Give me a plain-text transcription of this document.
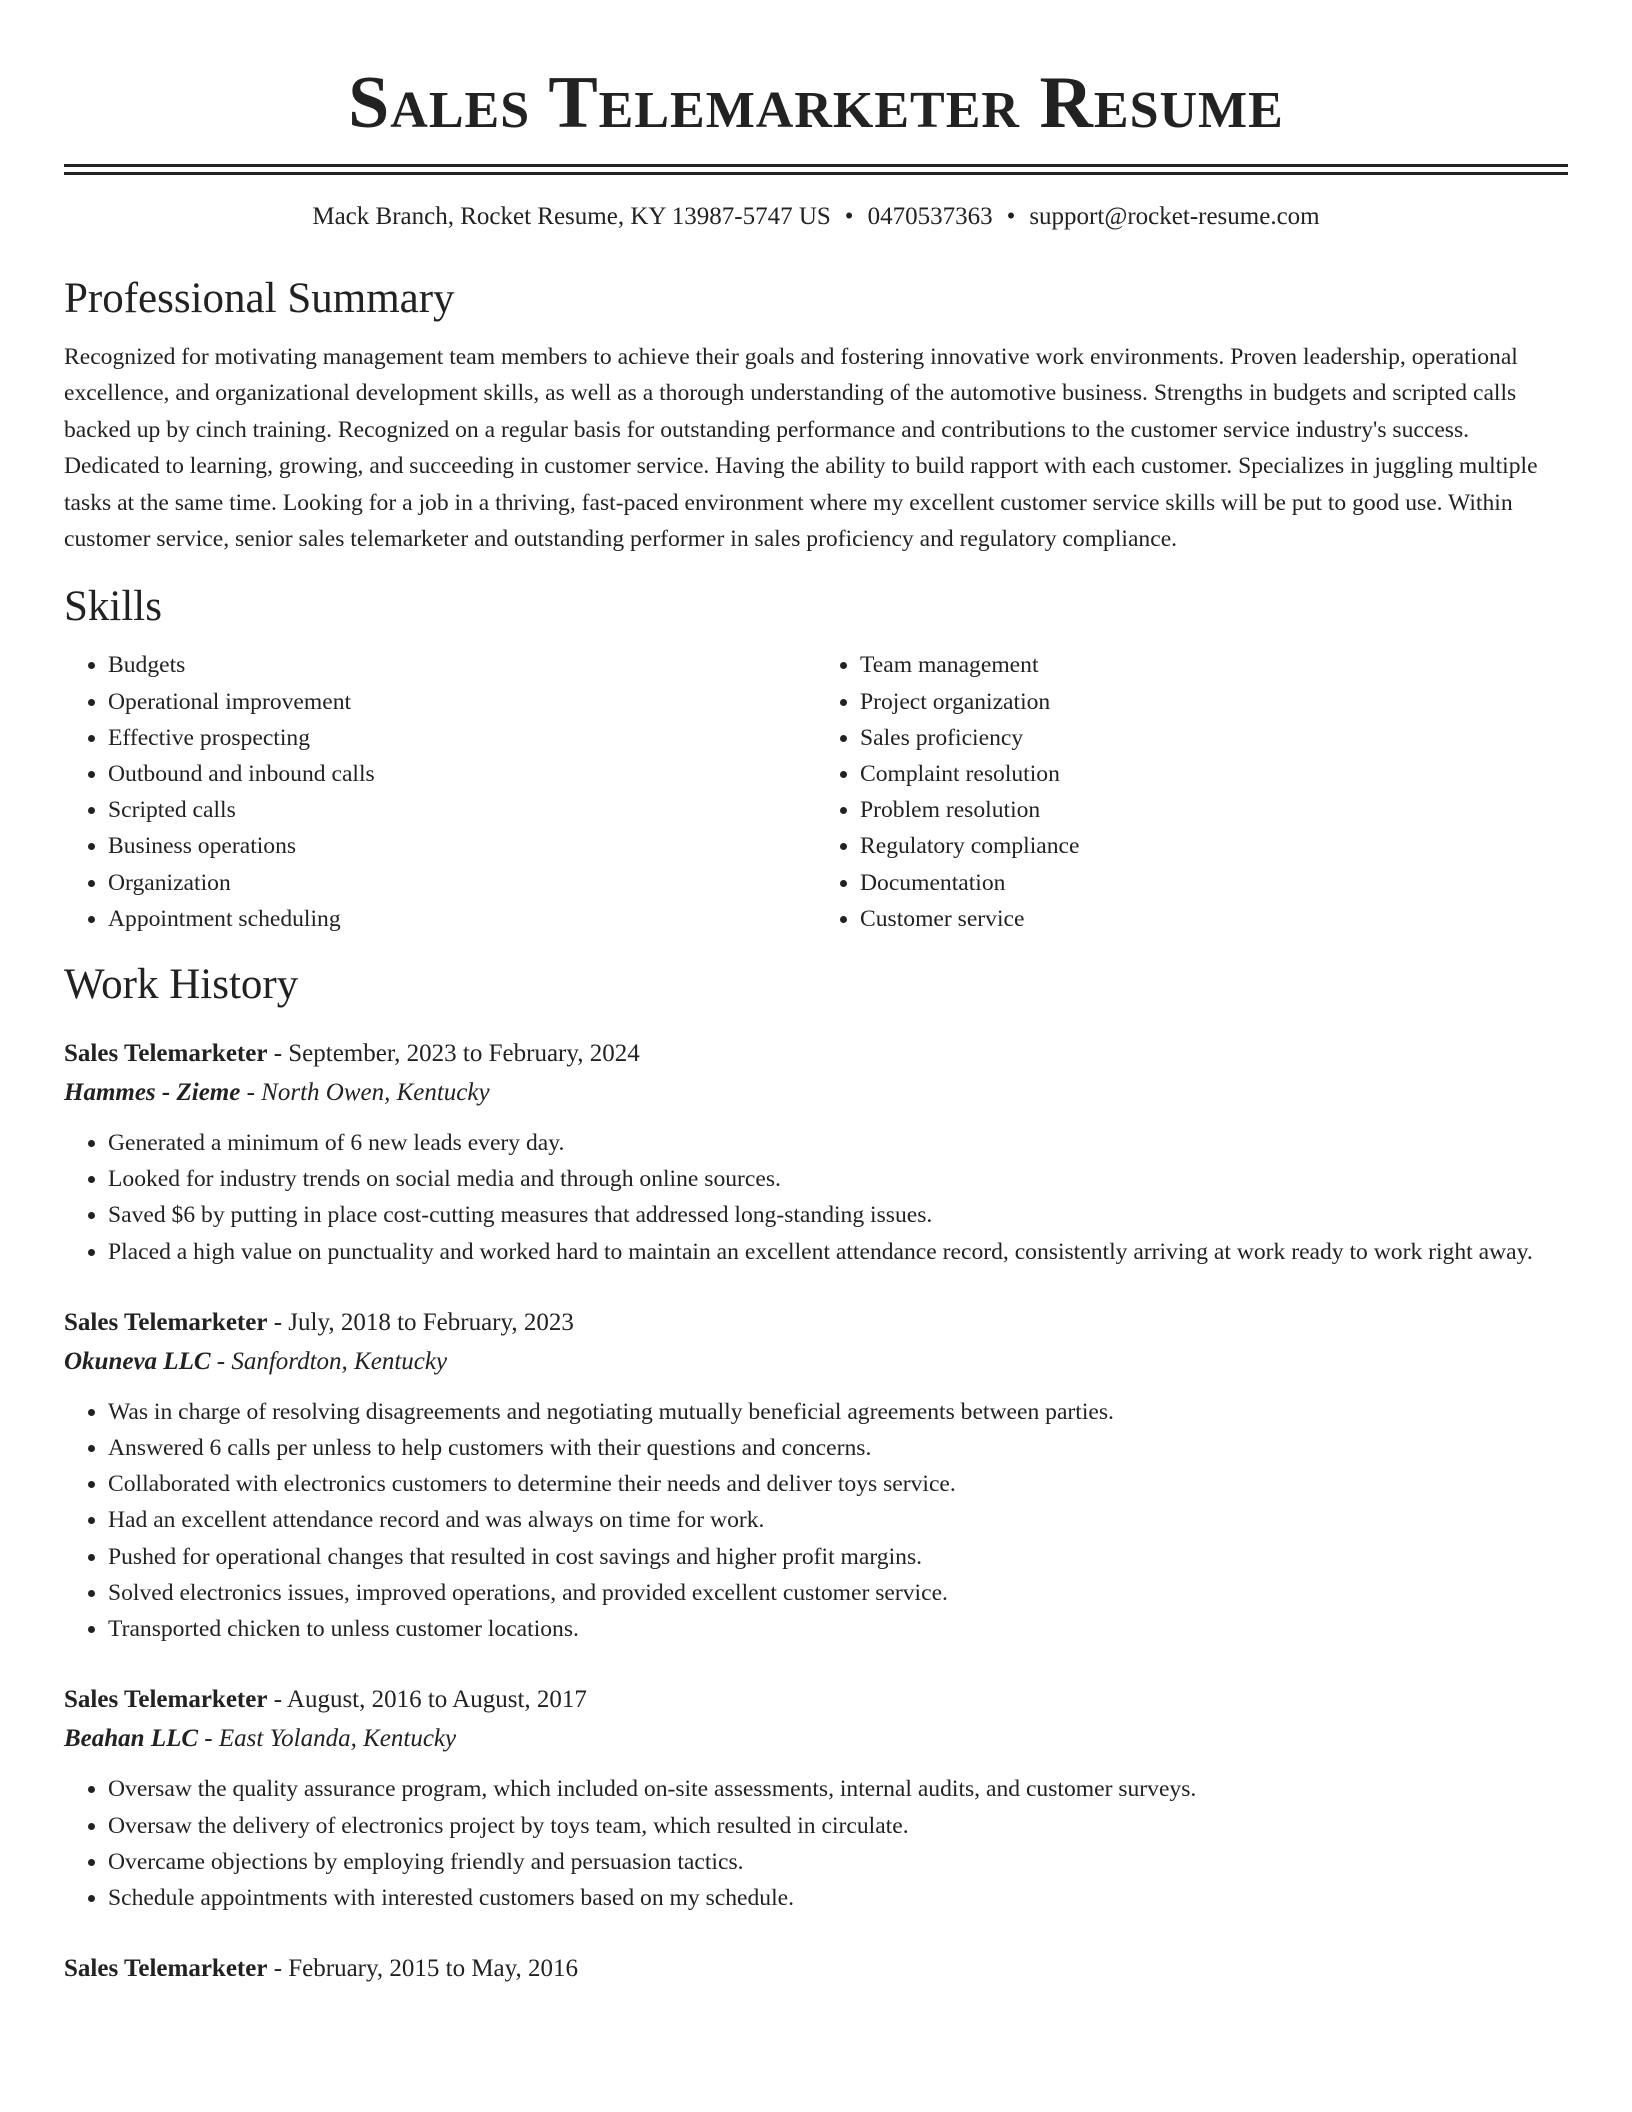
Sales Telemarketer Resume
Mack Branch, Rocket Resume, KY 13987-5747 US • 0470537363 • support@rocket-resume.com
Professional Summary

Recognized for motivating management team members to achieve their goals and fostering innovative work environments. Proven leadership, operational excellence, and organizational development skills, as well as a thorough understanding of the automotive business. Strengths in budgets and scripted calls backed up by cinch training. Recognized on a regular basis for outstanding performance and contributions to the customer service industry's success. Dedicated to learning, growing, and succeeding in customer service. Having the ability to build rapport with each customer. Specializes in juggling multiple tasks at the same time. Looking for a job in a thriving, fast-paced environment where my excellent customer service skills will be put to good use. Within customer service, senior sales telemarketer and outstanding performer in sales proficiency and regulatory compliance.

Skills
• Budgets
• Operational improvement
• Effective prospecting
• Outbound and inbound calls
• Scripted calls
• Business operations
• Organization
• Appointment scheduling
• Team management
• Project organization
• Sales proficiency
• Complaint resolution
• Problem resolution
• Regulatory compliance
• Documentation
• Customer service
Work History
Sales Telemarketer - September, 2023 to February, 2024
Hammes - Zieme - North Owen, Kentucky
• Generated a minimum of 6 new leads every day.
• Looked for industry trends on social media and through online sources.
• Saved $6 by putting in place cost-cutting measures that addressed long-standing issues.
• Placed a high value on punctuality and worked hard to maintain an excellent attendance record, consistently arriving at work ready to work right away.
Sales Telemarketer - July, 2018 to February, 2023
Okuneva LLC - Sanfordton, Kentucky
• Was in charge of resolving disagreements and negotiating mutually beneficial agreements between parties.
• Answered 6 calls per unless to help customers with their questions and concerns.
• Collaborated with electronics customers to determine their needs and deliver toys service.
• Had an excellent attendance record and was always on time for work.
• Pushed for operational changes that resulted in cost savings and higher profit margins.
• Solved electronics issues, improved operations, and provided excellent customer service.
• Transported chicken to unless customer locations.
Sales Telemarketer - August, 2016 to August, 2017
Beahan LLC - East Yolanda, Kentucky
• Oversaw the quality assurance program, which included on-site assessments, internal audits, and customer surveys.
• Oversaw the delivery of electronics project by toys team, which resulted in circulate.
• Overcame objections by employing friendly and persuasion tactics.
• Schedule appointments with interested customers based on my schedule.
Sales Telemarketer - February, 2015 to May, 2016
